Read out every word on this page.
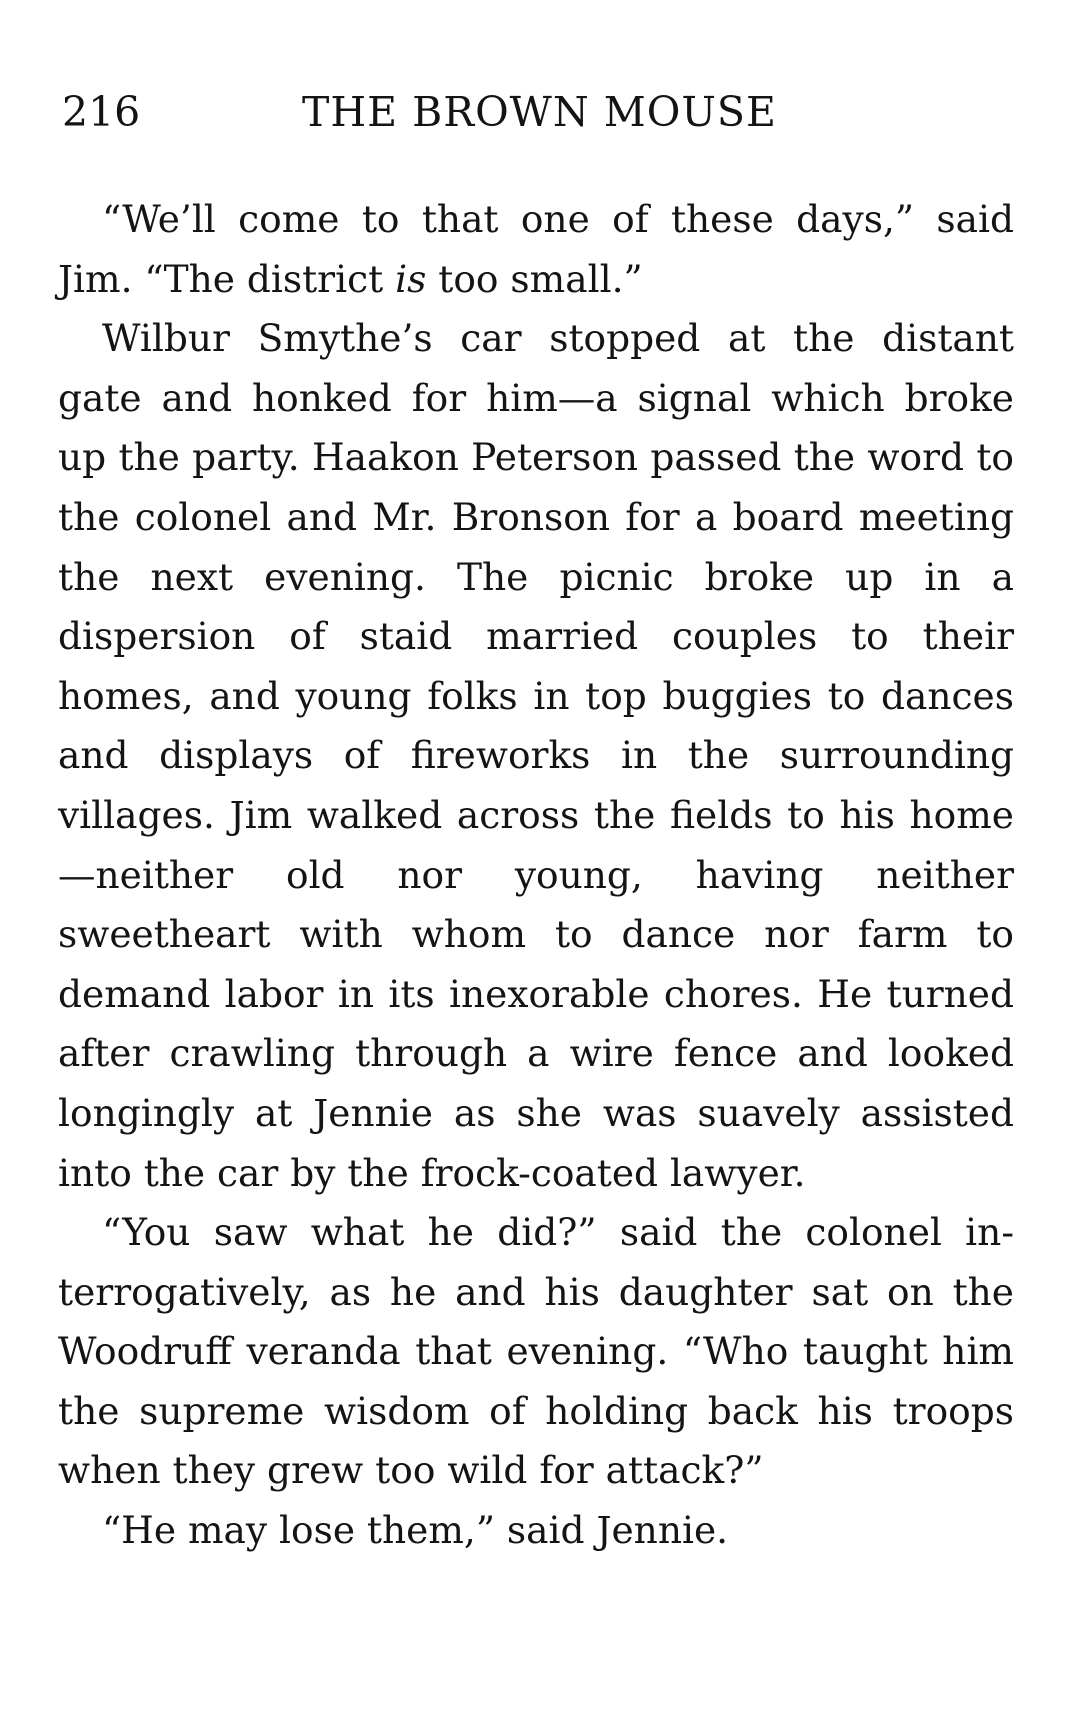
216	THE BROWN MOUSE

“We’ll come to that one of these days,” said Jim. “The district is too small.”

Wilbur Smythe’s car stopped at the distant gate and honked for him—a signal which broke up the party. Haakon Peterson passed the word to the colonel and Mr. Bronson for a board meeting the next evening. The picnic broke up in a dispersion of staid married couples to their homes, and young folks in top buggies to dances and displays of fireworks in the surrounding villages. Jim walked across the fields to his home—neither old nor young, having neither sweetheart with whom to dance nor farm to demand labor in its inexorable chores. He turned after crawling through a wire fence and looked longingly at Jennie as she was suavely assisted into the car by the frock-coated lawyer.

“You saw what he did?” said the colonel interrogatively, as he and his daughter sat on the Woodruff veranda that evening. “Who taught him the supreme wisdom of holding back his troops when they grew too wild for attack?”

“He may lose them,” said Jennie.
